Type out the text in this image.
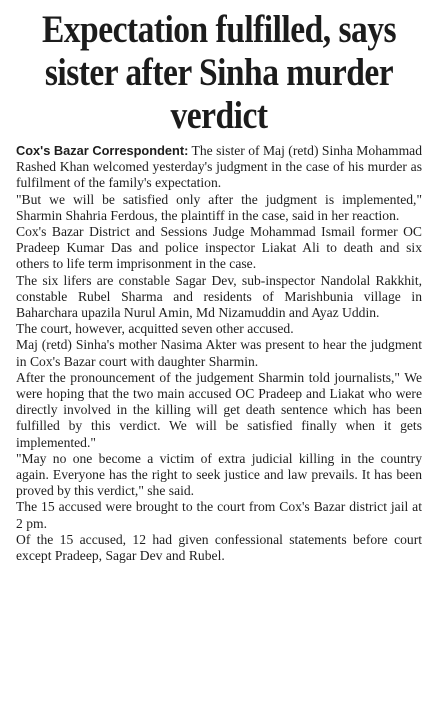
Expectation fulfilled, says sister after Sinha murder verdict

Cox's Bazar Correspondent: The sister of Maj (retd) Sinha Mohammad Rashed Khan welcomed yesterday's judgment in the case of his murder as fulfilment of the family's expectation.

"But we will be satisfied only after the judgment is implemented," Sharmin Shahria Ferdous, the plaintiff in the case, said in her reaction.

Cox's Bazar District and Sessions Judge Mohammad Ismail former OC Pradeep Kumar Das and police inspector Liakat Ali to death and six others to life term imprisonment in the case.

The six lifers are constable Sagar Dev, sub-inspector Nandolal Rakkhit, constable Rubel Sharma and residents of Marishbunia village in Baharchara upazila Nurul Amin, Md Nizamuddin and Ayaz Uddin.

The court, however, acquitted seven other accused.

Maj (retd) Sinha's mother Nasima Akter was present to hear the judgment in Cox's Bazar court with daughter Sharmin.

After the pronouncement of the judgement Sharmin told journalists," We were hoping that the two main accused OC Pradeep and Liakat who were directly involved in the killing will get death sentence which has been fulfilled by this verdict. We will be satisfied finally when it gets implemented."

"May no one become a victim of extra judicial killing in the country again. Everyone has the right to seek justice and law prevails. It has been proved by this verdict," she said.

The 15 accused were brought to the court from Cox's Bazar district jail at 2 pm.

Of the 15 accused, 12 had given confessional statements before court except Pradeep, Sagar Dev and Rubel.
